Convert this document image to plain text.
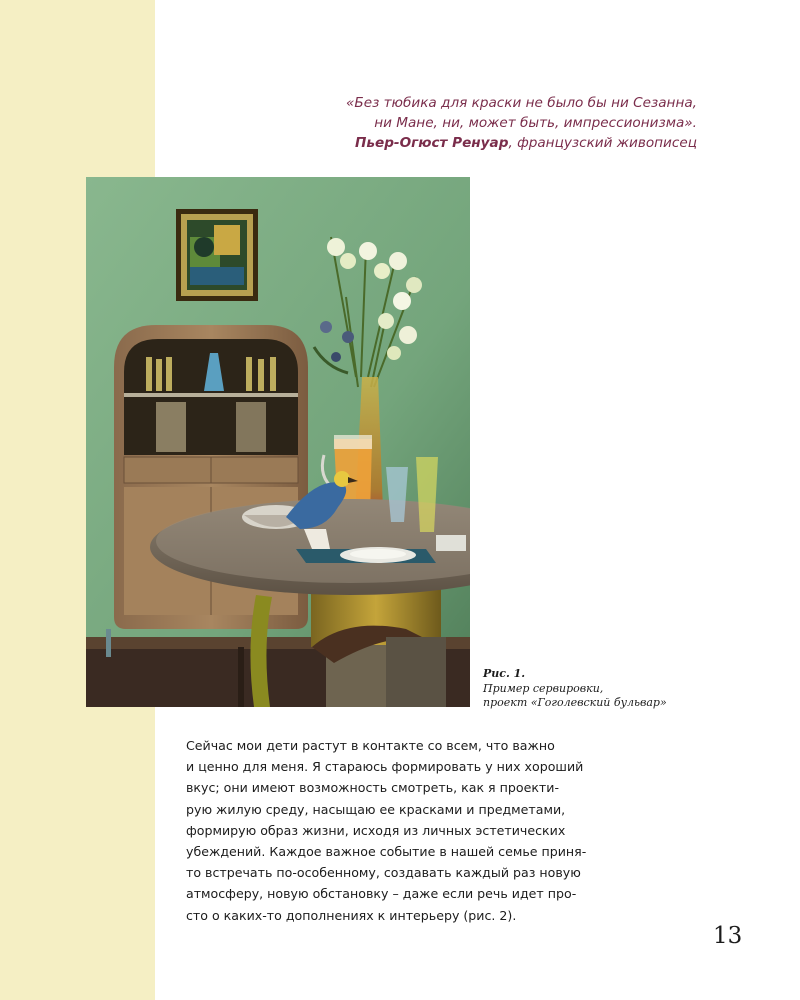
«Без тюбика для краски не было бы ни Сезанна,
ни Мане, ни, может быть, импрессионизма».
Пьер-Огюст Ренуар, французский живописец
Рис. 1.
Пример сервировки,
проект «Гоголевский бульвар»
Сейчас мои дети растут в контакте со всем, что важно
и ценно для меня. Я стараюсь формировать у них хороший
вкус; они имеют возможность смотреть, как я проекти-
рую жилую среду, насыщаю ее красками и предметами,
формирую образ жизни, исходя из личных эстетических
убеждений. Каждое важное событие в нашей семье приня-
то встречать по-особенному, создавать каждый раз новую
атмосферу, новую обстановку – даже если речь идет про-
сто о каких-то дополнениях к интерьеру (рис. 2).
13
